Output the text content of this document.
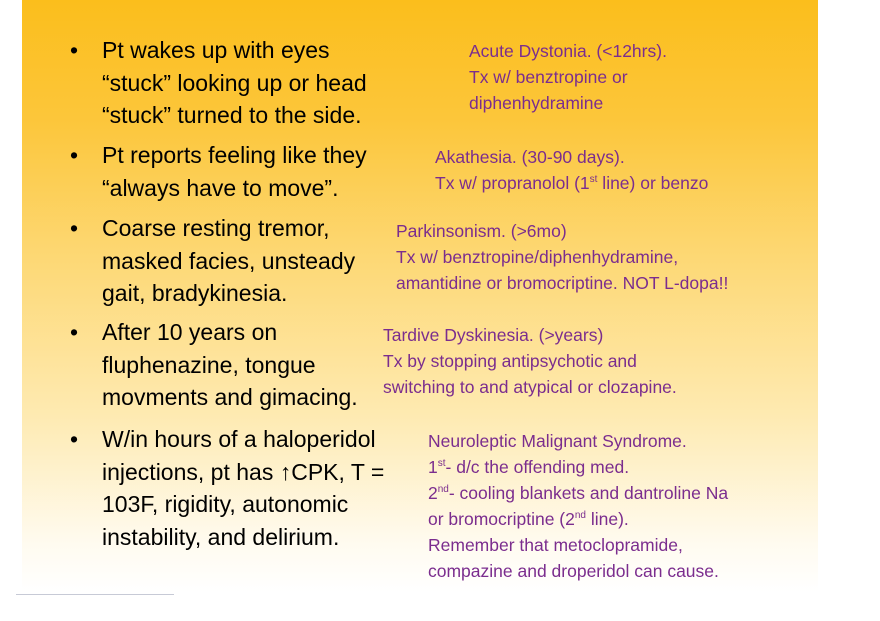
• Pt wakes up with eyes
“stuck” looking up or head
“stuck” turned to the side.
• Pt reports feeling like they
“always have to move”.
• Coarse resting tremor,
masked facies, unsteady
gait, bradykinesia.
• After 10 years on
fluphenazine, tongue
movments and gimacing.
• W/in hours of a haloperidol
injections, pt has ↑CPK, T =
103F, rigidity, autonomic
instability, and delirium.
Acute Dystonia. (<12hrs).
Tx w/ benztropine or
diphenhydramine
Akathesia. (30-90 days).
Tx w/ propranolol (1st line) or benzo
Parkinsonism. (>6mo)
Tx w/ benztropine/diphenhydramine,
amantidine or bromocriptine. NOT L-dopa!!
Tardive Dyskinesia. (>years)
Tx by stopping antipsychotic and
switching to and atypical or clozapine.
Neuroleptic Malignant Syndrome.
1st- d/c the offending med.
2nd- cooling blankets and dantroline Na
or bromocriptine (2nd line).
Remember that metoclopramide,
compazine and droperidol can cause.
